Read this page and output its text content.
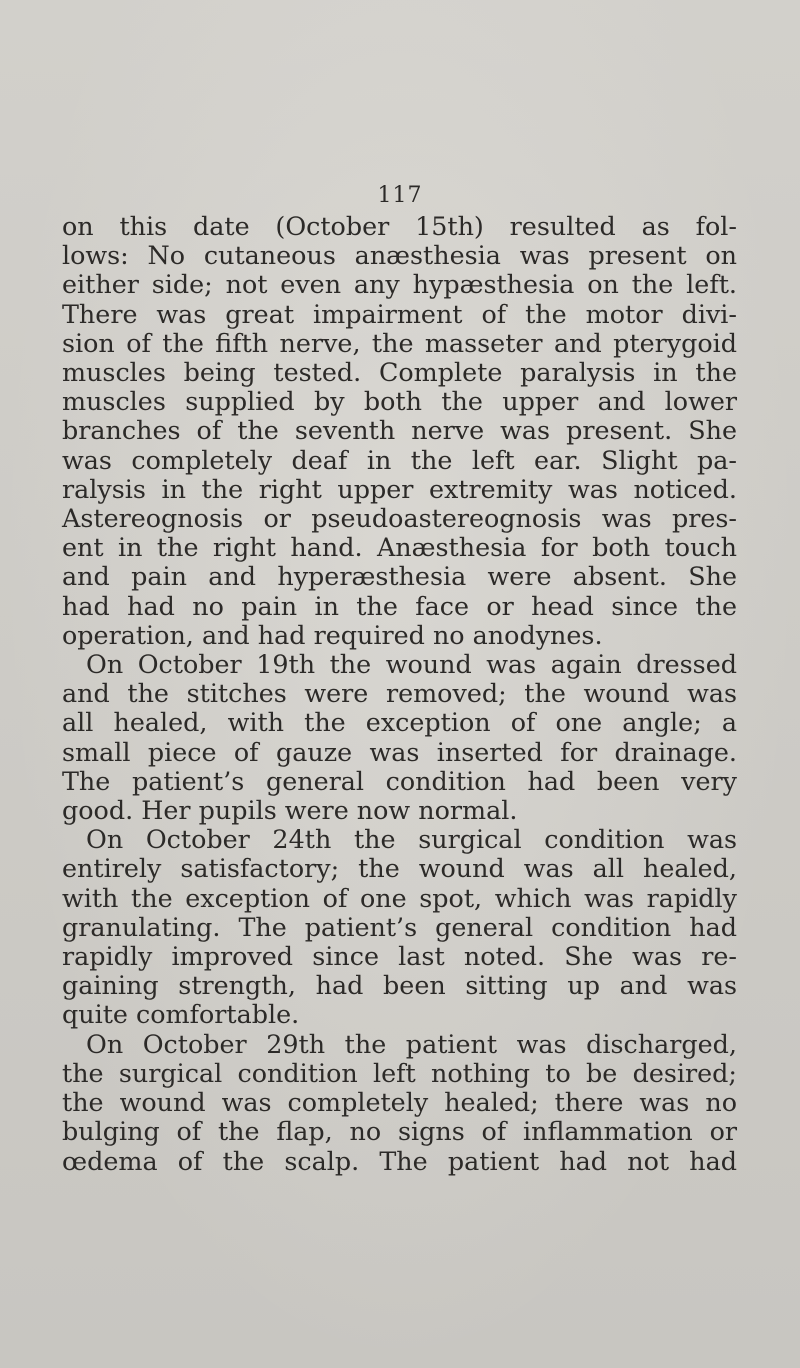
117
on this date (October 15th) resulted as fol-
lows: No cutaneous anæsthesia was present on
either side; not even any hypæsthesia on the left.
There was great impairment of the motor divi-
sion of the fifth nerve, the masseter and pterygoid
muscles being tested. Complete paralysis in the
muscles supplied by both the upper and lower
branches of the seventh nerve was present. She
was completely deaf in the left ear. Slight pa-
ralysis in the right upper extremity was noticed.
Astereognosis or pseudoastereognosis was pres-
ent in the right hand. Anæsthesia for both touch
and pain and hyperæsthesia were absent. She
had had no pain in the face or head since the
operation, and had required no anodynes.
On October 19th the wound was again dressed
and the stitches were removed; the wound was
all healed, with the exception of one angle; a
small piece of gauze was inserted for drainage.
The patient’s general condition had been very
good. Her pupils were now normal.
On October 24th the surgical condition was
entirely satisfactory; the wound was all healed,
with the exception of one spot, which was rapidly
granulating. The patient’s general condition had
rapidly improved since last noted. She was re-
gaining strength, had been sitting up and was
quite comfortable.
On October 29th the patient was discharged,
the surgical condition left nothing to be desired;
the wound was completely healed; there was no
bulging of the flap, no signs of inflammation or
œdema of the scalp. The patient had not had
